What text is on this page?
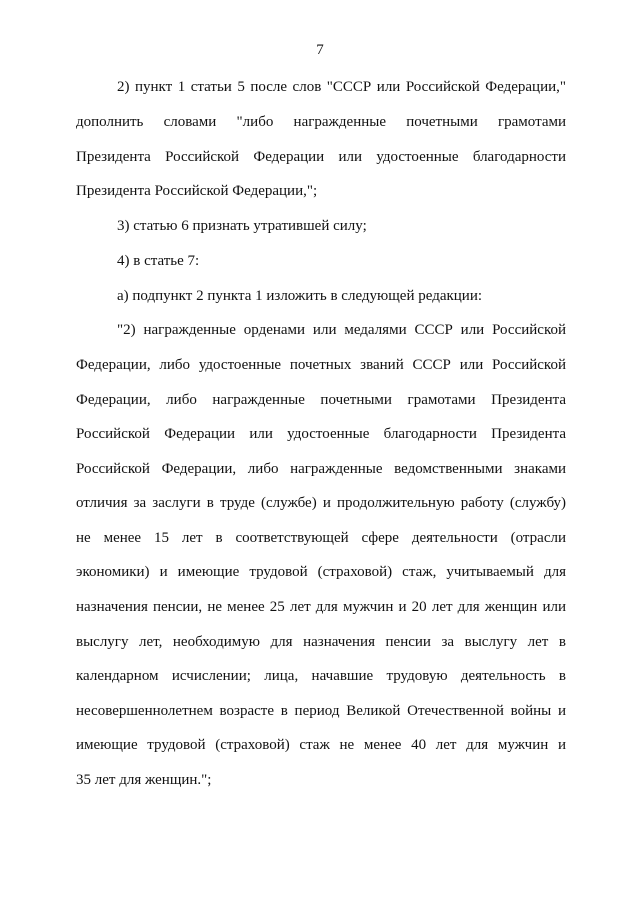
7
2) пункт 1 статьи 5 после слов "СССР или Российской Федерации,"
дополнить словами "либо награжденные почетными грамотами
Президента Российской Федерации или удостоенные благодарности
Президента Российской Федерации,";
3) статью 6 признать утратившей силу;
4) в статье 7:
а) подпункт 2 пункта 1 изложить в следующей редакции:
"2) награжденные орденами или медалями СССР или Российской
Федерации, либо удостоенные почетных званий СССР или Российской
Федерации, либо награжденные почетными грамотами Президента
Российской Федерации или удостоенные благодарности Президента
Российской Федерации, либо награжденные ведомственными знаками
отличия за заслуги в труде (службе) и продолжительную работу (службу)
не менее 15 лет в соответствующей сфере деятельности (отрасли
экономики) и имеющие трудовой (страховой) стаж, учитываемый для
назначения пенсии, не менее 25 лет для мужчин и 20 лет для женщин или
выслугу лет, необходимую для назначения пенсии за выслугу лет в
календарном исчислении; лица, начавшие трудовую деятельность в
несовершеннолетнем возрасте в период Великой Отечественной войны и
имеющие трудовой (страховой) стаж не менее 40 лет для мужчин и
35 лет для женщин.";
